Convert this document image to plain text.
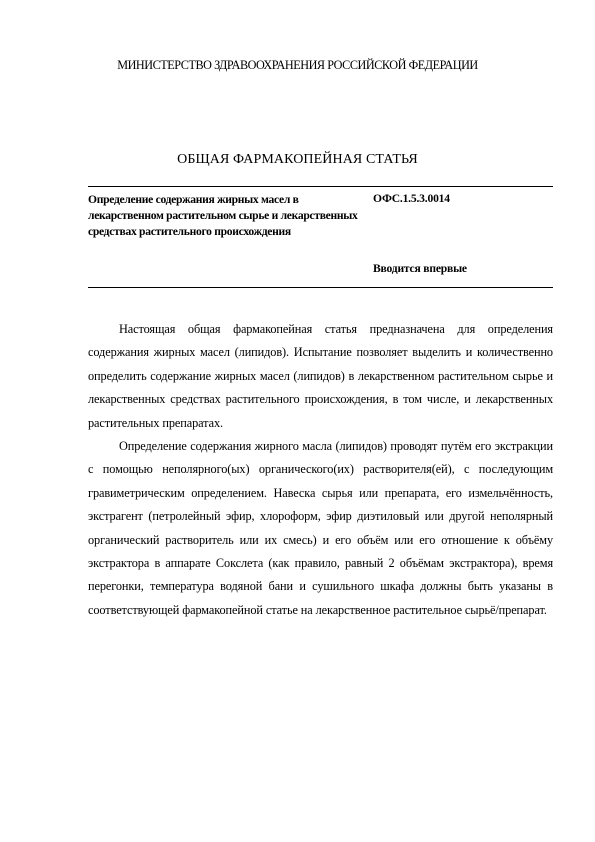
МИНИСТЕРСТВО ЗДРАВООХРАНЕНИЯ РОССИЙСКОЙ ФЕДЕРАЦИИ
ОБЩАЯ ФАРМАКОПЕЙНАЯ СТАТЬЯ
Определение содержания жирных масел в лекарственном растительном сырье и лекарственных средствах растительного происхождения
ОФС.1.5.3.0014
Вводится впервые

Настоящая общая фармакопейная статья предназначена для определения содержания жирных масел (липидов). Испытание позволяет выделить и количественно определить содержание жирных масел (липидов) в лекарственном растительном сырье и лекарственных средствах растительного происхождения, в том числе, и лекарственных растительных препаратах.

Определение содержания жирного масла (липидов) проводят путём его экстракции с помощью неполярного(ых) органического(их) растворителя(ей), с последующим гравиметрическим определением. Навеска сырья или препарата, его измельчённость, экстрагент (петролейный эфир, хлороформ, эфир диэтиловый или другой неполярный органический растворитель или их смесь) и его объём или его отношение к объёму экстрактора в аппарате Сокслета (как правило, равный 2 объёмам экстрактора), время перегонки, температура водяной бани и сушильного шкафа должны быть указаны в соответствующей фармакопейной статье на лекарственное растительное сырьё/препарат.
